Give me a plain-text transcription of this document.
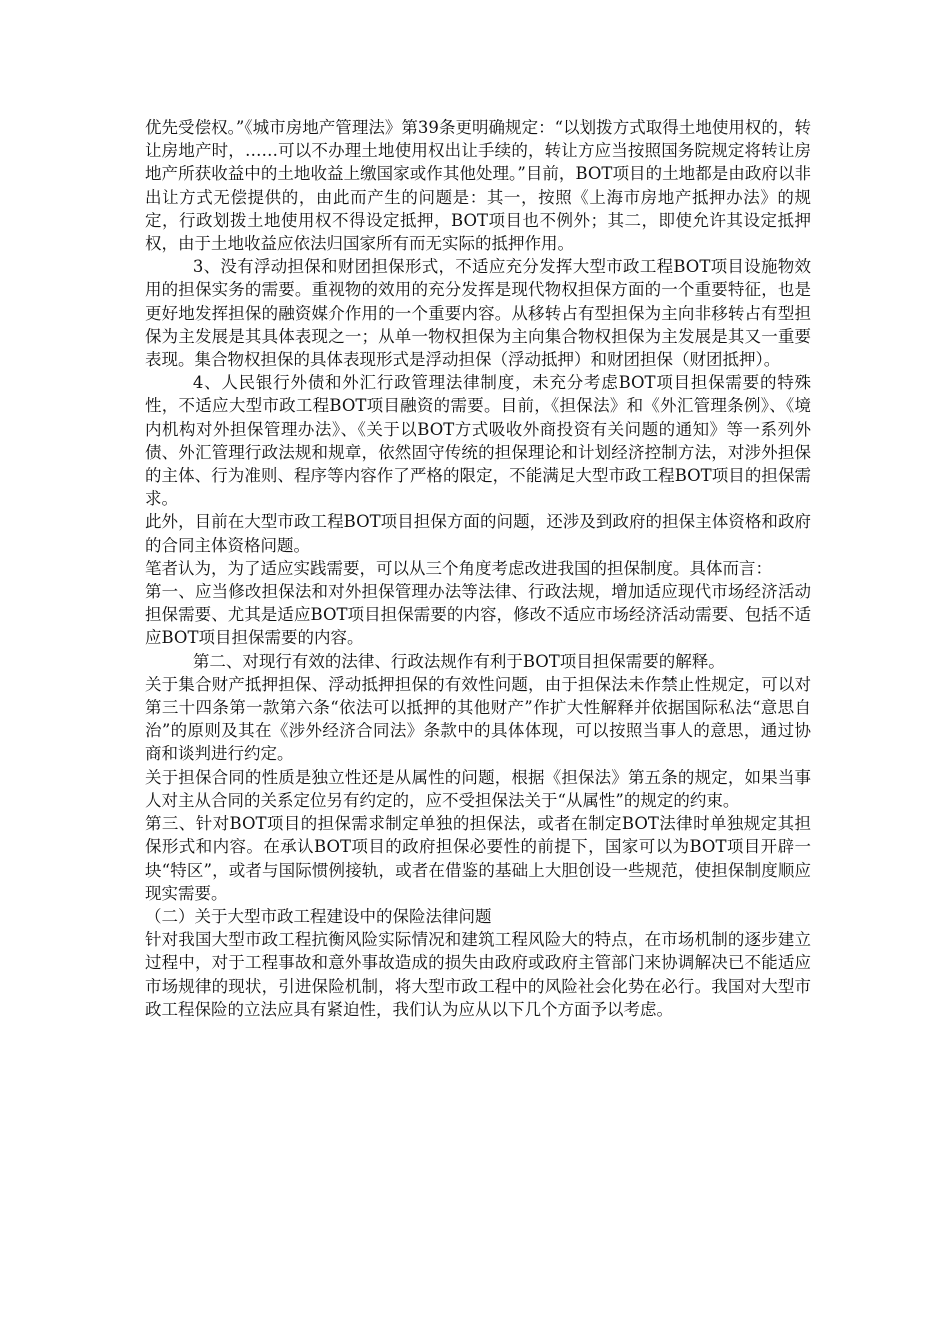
优先受偿权。”《城市房地产管理法》第39条更明确规定：“以划拨方式取得土地使用权的，转让房地产时，……可以不办理土地使用权出让手续的，转让方应当按照国务院规定将转让房地产所获收益中的土地收益上缴国家或作其他处理。”目前，BOT项目的土地都是由政府以非出让方式无偿提供的，由此而产生的问题是：其一，按照《上海市房地产抵押办法》的规定，行政划拨土地使用权不得设定抵押，BOT项目也不例外；其二，即使允许其设定抵押权，由于土地收益应依法归国家所有而无实际的抵押作用。

3、没有浮动担保和财团担保形式，不适应充分发挥大型市政工程BOT项目设施物效用的担保实务的需要。重视物的效用的充分发挥是现代物权担保方面的一个重要特征，也是更好地发挥担保的融资媒介作用的一个重要内容。从移转占有型担保为主向非移转占有型担保为主发展是其具体表现之一；从单一物权担保为主向集合物权担保为主发展是其又一重要表现。集合物权担保的具体表现形式是浮动担保（浮动抵押）和财团担保（财团抵押）。

4、人民银行外债和外汇行政管理法律制度，未充分考虑BOT项目担保需要的特殊性，不适应大型市政工程BOT项目融资的需要。目前，《担保法》和《外汇管理条例》、《境内机构对外担保管理办法》、《关于以BOT方式吸收外商投资有关问题的通知》等一系列外债、外汇管理行政法规和规章，依然固守传统的担保理论和计划经济控制方法，对涉外担保的主体、行为准则、程序等内容作了严格的限定，不能满足大型市政工程BOT项目的担保需求。

此外，目前在大型市政工程BOT项目担保方面的问题，还涉及到政府的担保主体资格和政府的合同主体资格问题。

笔者认为，为了适应实践需要，可以从三个角度考虑改进我国的担保制度。具体而言：

第一、应当修改担保法和对外担保管理办法等法律、行政法规，增加适应现代市场经济活动担保需要、尤其是适应BOT项目担保需要的内容，修改不适应市场经济活动需要、包括不适应BOT项目担保需要的内容。

第二、对现行有效的法律、行政法规作有利于BOT项目担保需要的解释。

关于集合财产抵押担保、浮动抵押担保的有效性问题，由于担保法未作禁止性规定，可以对第三十四条第一款第六条“依法可以抵押的其他财产”作扩大性解释并依据国际私法“意思自治”的原则及其在《涉外经济合同法》条款中的具体体现，可以按照当事人的意思，通过协商和谈判进行约定。

关于担保合同的性质是独立性还是从属性的问题，根据《担保法》第五条的规定，如果当事人对主从合同的关系定位另有约定的，应不受担保法关于“从属性”的规定的约束。

第三、针对BOT项目的担保需求制定单独的担保法，或者在制定BOT法律时单独规定其担保形式和内容。在承认BOT项目的政府担保必要性的前提下，国家可以为BOT项目开辟一块“特区”，或者与国际惯例接轨，或者在借鉴的基础上大胆创设一些规范，使担保制度顺应现实需要。

（二）关于大型市政工程建设中的保险法律问题

针对我国大型市政工程抗衡风险实际情况和建筑工程风险大的特点，在市场机制的逐步建立过程中，对于工程事故和意外事故造成的损失由政府或政府主管部门来协调解决已不能适应市场规律的现状，引进保险机制，将大型市政工程中的风险社会化势在必行。我国对大型市政工程保险的立法应具有紧迫性，我们认为应从以下几个方面予以考虑。
